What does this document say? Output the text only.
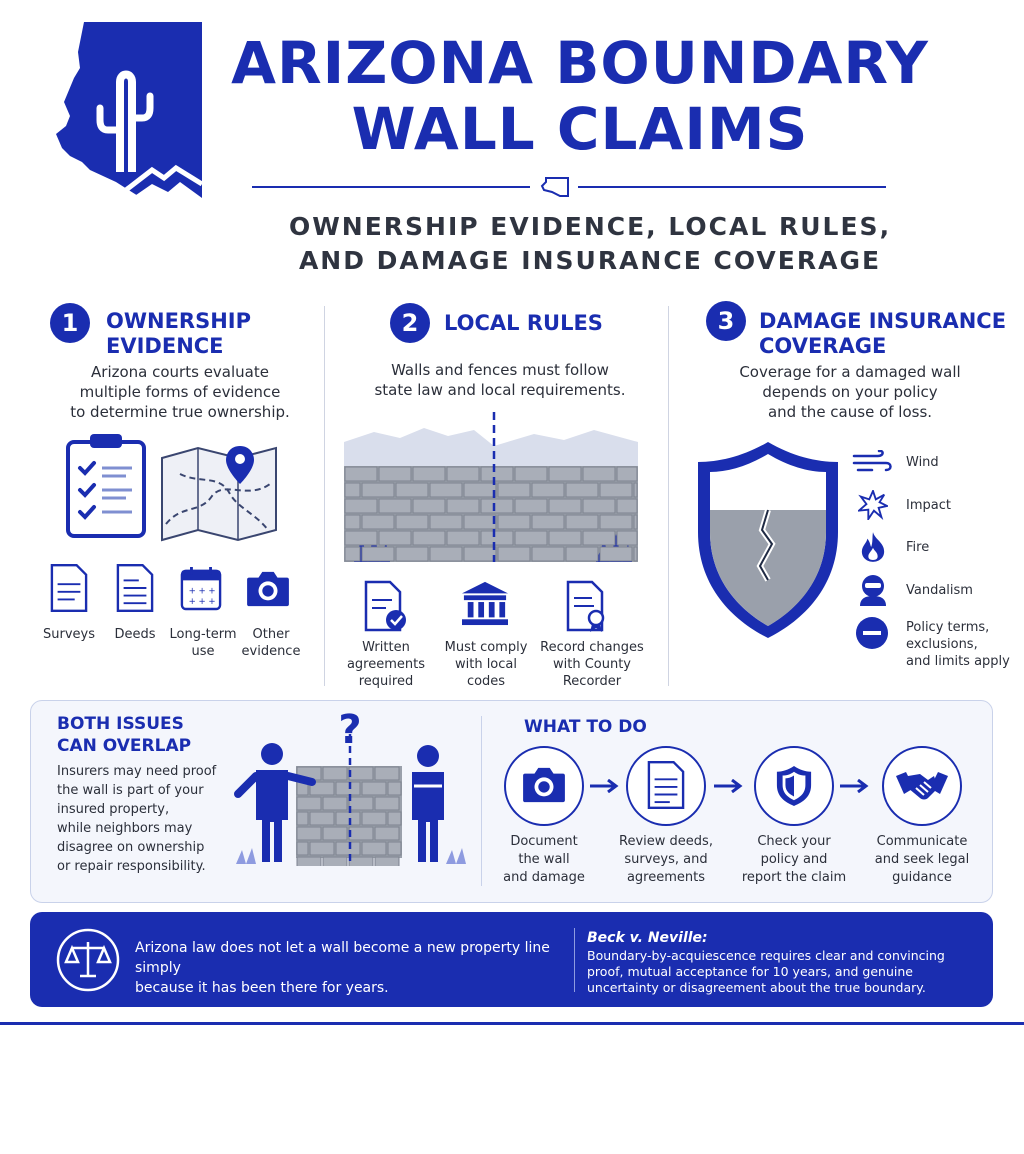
ARIZONA BOUNDARY
WALL CLAIMS
OWNERSHIP EVIDENCE, LOCAL RULES,
AND DAMAGE INSURANCE COVERAGE
1	OWNERSHIP
EVIDENCE
Arizona courts evaluate
multiple forms of evidence
to determine true ownership.
+ + +
+ + +
Surveys	Deeds	Long-term
use
Other
evidence
2	LOCAL RULES
Walls and fences must follow
state law and local requirements.
Written
agreements
required
Must comply
with local
codes
Record changes
with County
Recorder
3	DAMAGE INSURANCE
COVERAGE
Coverage for a damaged wall
depends on your policy
and the cause of loss.
Wind
Impact
Fire
Vandalism
Policy terms,
exclusions,
and limits apply
BOTH ISSUES
CAN OVERLAP
Insurers may need proof
the wall is part of your
insured property,
while neighbors may
disagree on ownership
or repair responsibility.
?	WHAT TO DO
Document
the wall
and damage
Review deeds,
surveys, and
agreements
Check your
policy and
report the claim
Communicate
and seek legal
guidance
Arizona law does not let a wall become a new property line simply
because it has been there for years.
Beck v. Neville:
Boundary-by-acquiescence requires clear and convincing
proof, mutual acceptance for 10 years, and genuine
uncertainty or disagreement about the true boundary.
